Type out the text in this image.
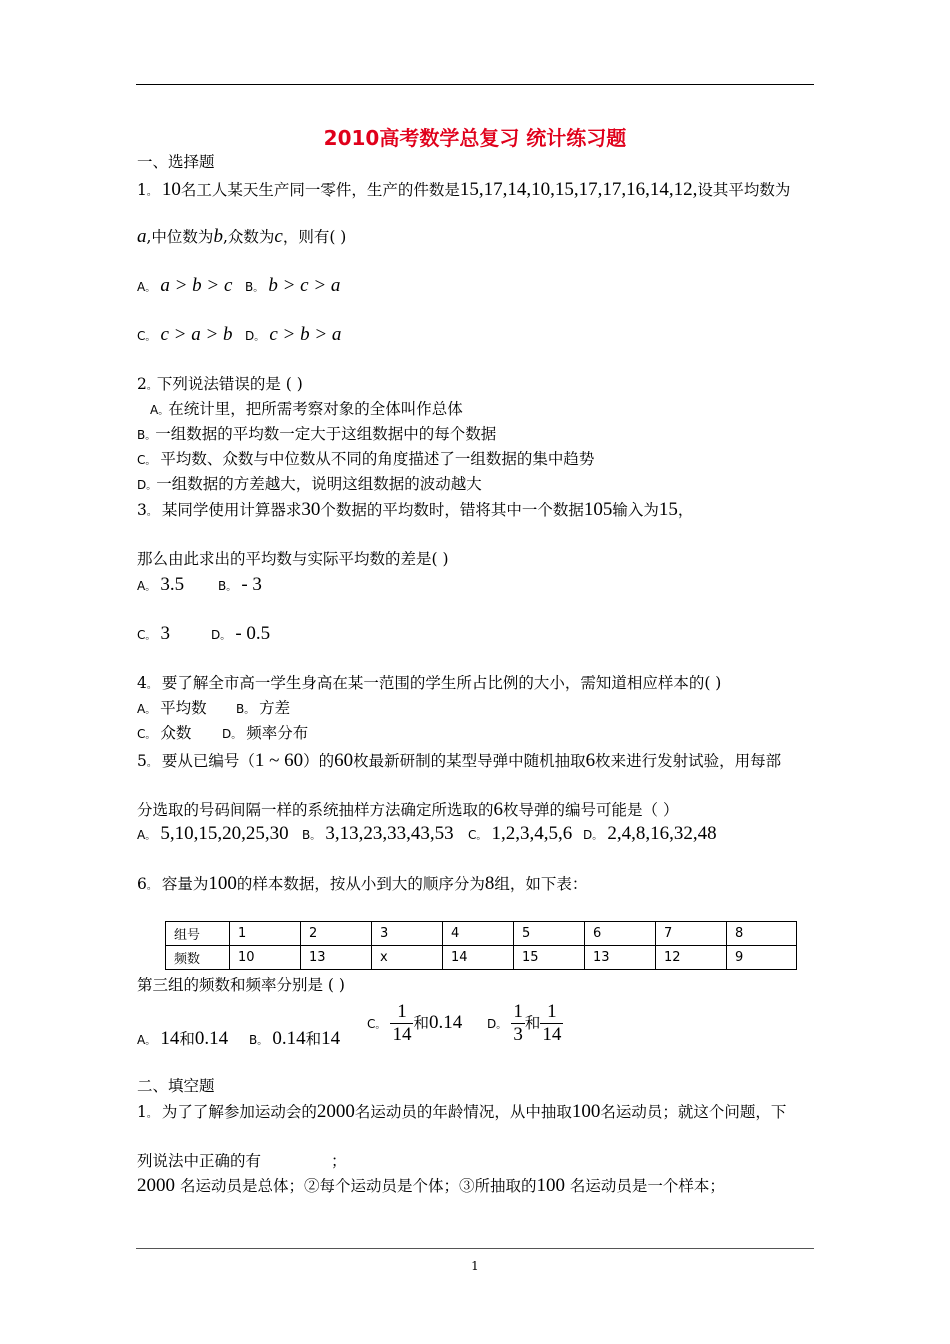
2010高考数学总复习 统计练习题
一、选择题
1。 10名工人某天生产同一零件，生产的件数是15,17,14,10,15,17,17,16,14,12,设其平均数为
a,中位数为b,众数为c，则有( )
A。 a > b > c B。 b > c > a
C。 c > a > b D。 c > b > a
2。下列说法错误的是 ( )
A。在统计里，把所需考察对象的全体叫作总体
B。一组数据的平均数一定大于这组数据中的每个数据
C。 平均数、众数与中位数从不同的角度描述了一组数据的集中趋势
D。一组数据的方差越大，说明这组数据的波动越大
3。 某同学使用计算器求30个数据的平均数时，错将其中一个数据105输入为15，
那么由此求出的平均数与实际平均数的差是( )
A。 3.5	B。 - 3
C。 3	D。 - 0.5
4。 要了解全市高一学生身高在某一范围的学生所占比例的大小，需知道相应样本的( )
A。 平均数 B。 方差
C。 众数	D。 频率分布
5。 要从已编号（1 ~ 60）的60枚最新研制的某型导弹中随机抽取6枚来进行发射试验，用每部
分选取的号码间隔一样的系统抽样方法确定所选取的6枚导弹的编号可能是（ ）
A。 5,10,15,20,25,30 B。 3,13,23,33,43,53 C。 1,2,3,4,5,6 D。 2,4,8,16,32,48
6。 容量为100的样本数据，按从小到大的顺序分为8组，如下表：
组号	1	2	3	4	5	6	7	8
频数	10	13	x	14	15	13	12	9
第三组的频数和频率分别是 ( )
A。 14和0.14 B。 0.14和14
C。 $\frac{1}{14}$ 和0.14 D。 $\frac{1}{3}$ 和 $\frac{1}{14}$
二、填空题
1。 为了了解参加运动会的2000名运动员的年龄情况，从中抽取100名运动员；就这个问题，下
列说法中正确的有	；
2000 名运动员是总体；②每个运动员是个体；③所抽取的100 名运动员是一个样本；
1
